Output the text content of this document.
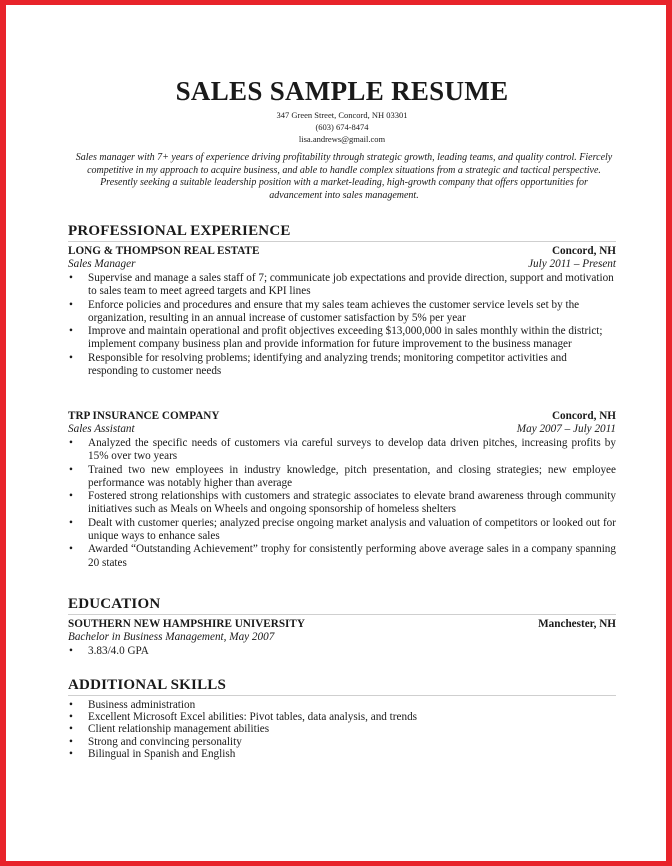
SALES SAMPLE RESUME
347 Green Street, Concord, NH 03301
(603) 674-8474
lisa.andrews@gmail.com
Sales manager with 7+ years of experience driving profitability through strategic growth, leading teams, and quality control. Fiercely competitive in my approach to acquire business, and able to handle complex situations from a strategic and tactical perspective. Presently seeking a suitable leadership position with a market-leading, high-growth company that offers opportunities for advancement into sales management.
PROFESSIONAL EXPERIENCE
LONG & THOMPSON REAL ESTATE	Concord, NH
Sales Manager	July 2011 – Present
• Supervise and manage a sales staff of 7; communicate job expectations and provide direction, support and motivation to sales team to meet agreed targets and KPI lines
• Enforce policies and procedures and ensure that my sales team achieves the customer service levels set by the organization, resulting in an annual increase of customer satisfaction by 5% per year
• Improve and maintain operational and profit objectives exceeding $13,000,000 in sales monthly within the district; implement company business plan and provide information for future improvement to the business manager
• Responsible for resolving problems; identifying and analyzing trends; monitoring competitor activities and responding to customer needs
TRP INSURANCE COMPANY	Concord, NH
Sales Assistant	May 2007 – July 2011
• Analyzed the specific needs of customers via careful surveys to develop data driven pitches, increasing profits by 15% over two years
• Trained two new employees in industry knowledge, pitch presentation, and closing strategies; new employee performance was notably higher than average
• Fostered strong relationships with customers and strategic associates to elevate brand awareness through community initiatives such as Meals on Wheels and ongoing sponsorship of homeless shelters
• Dealt with customer queries; analyzed precise ongoing market analysis and valuation of competitors or looked out for unique ways to enhance sales
• Awarded “Outstanding Achievement” trophy for consistently performing above average sales in a company spanning 20 states
EDUCATION
SOUTHERN NEW HAMPSHIRE UNIVERSITY	Manchester, NH
Bachelor in Business Management, May 2007
• 3.83/4.0 GPA
ADDITIONAL SKILLS
• Business administration
• Excellent Microsoft Excel abilities: Pivot tables, data analysis, and trends
• Client relationship management abilities
• Strong and convincing personality
• Bilingual in Spanish and English
